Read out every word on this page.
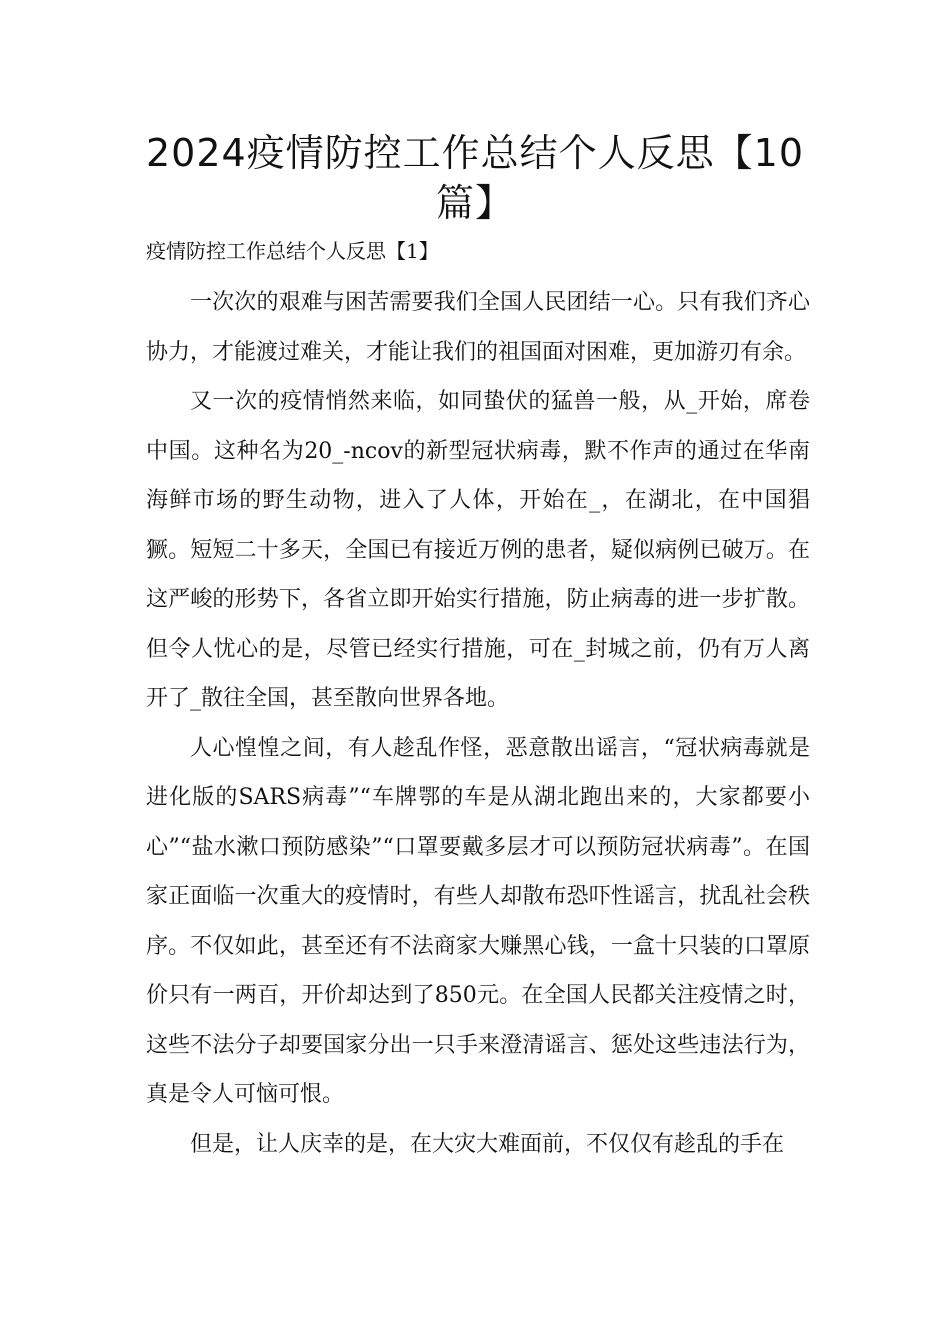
2024疫情防控工作总结个人反思【10篇】

疫情防控工作总结个人反思【1】

一次次的艰难与困苦需要我们全国人民团结一心。只有我们齐心协力，才能渡过难关，才能让我们的祖国面对困难，更加游刃有余。

又一次的疫情悄然来临，如同蛰伏的猛兽一般，从_开始，席卷中国。这种名为20_-ncov的新型冠状病毒，默不作声的通过在华南海鲜市场的野生动物，进入了人体，开始在_，在湖北，在中国猖獗。短短二十多天，全国已有接近万例的患者，疑似病例已破万。在这严峻的形势下，各省立即开始实行措施，防止病毒的进一步扩散。但令人忧心的是，尽管已经实行措施，可在_封城之前，仍有万人离开了_散往全国，甚至散向世界各地。

人心惶惶之间，有人趁乱作怪，恶意散出谣言，“冠状病毒就是进化版的SARS病毒”“车牌鄂的车是从湖北跑出来的，大家都要小心”“盐水漱口预防感染”“口罩要戴多层才可以预防冠状病毒”。在国家正面临一次重大的疫情时，有些人却散布恐吓性谣言，扰乱社会秩序。不仅如此，甚至还有不法商家大赚黑心钱，一盒十只装的口罩原价只有一两百，开价却达到了850元。在全国人民都关注疫情之时，这些不法分子却要国家分出一只手来澄清谣言、惩处这些违法行为，真是令人可恼可恨。

但是，让人庆幸的是，在大灾大难面前，不仅仅有趁乱的手在
